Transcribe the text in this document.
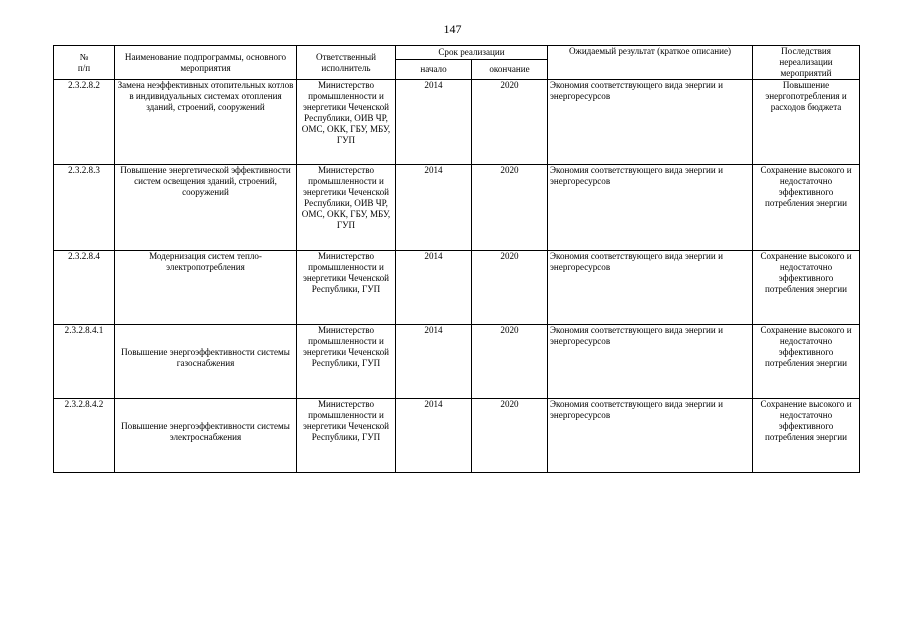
147
№
п/п	Наименование подпрограммы, основного мероприятия	Ответственный исполнитель	Срок реализации		Ожидаемый результат (краткое описание)	Последствия нереализации мероприятий
			начало	окончание		
2.3.2.8.2	Замена неэффективных отопительных котлов в индивидуальных системах отопления зданий, строений, сооружений	Министерство промышленности и энергетики Чеченской Республики, ОИВ ЧР, ОМС, ОКК, ГБУ, МБУ, ГУП	2014	2020	Экономия соответствующего вида энергии и энергоресурсов	Повышение энергопотребления и расходов бюджета
2.3.2.8.3	Повышение энергетической эффективности систем освещения зданий, строений, сооружений	Министерство промышленности и энергетики Чеченской Республики, ОИВ ЧР, ОМС, ОКК, ГБУ, МБУ, ГУП	2014	2020	Экономия соответствующего вида энергии и энергоресурсов	Сохранение высокого и недостаточно эффективного потребления энергии
2.3.2.8.4	Модернизация систем тепло-электропотребления	Министерство промышленности и энергетики Чеченской Республики, ГУП	2014	2020	Экономия соответствующего вида энергии и энергоресурсов	Сохранение высокого и недостаточно эффективного потребления энергии
2.3.2.8.4.1	Повышение энергоэффективности системы газоснабжения	Министерство промышленности и энергетики Чеченской Республики, ГУП	2014	2020	Экономия соответствующего вида энергии и энергоресурсов	Сохранение высокого и недостаточно эффективного потребления энергии
2.3.2.8.4.2	Повышение энергоэффективности системы электроснабжения	Министерство промышленности и энергетики Чеченской Республики, ГУП	2014	2020	Экономия соответствующего вида энергии и энергоресурсов	Сохранение высокого и недостаточно эффективного потребления энергии
